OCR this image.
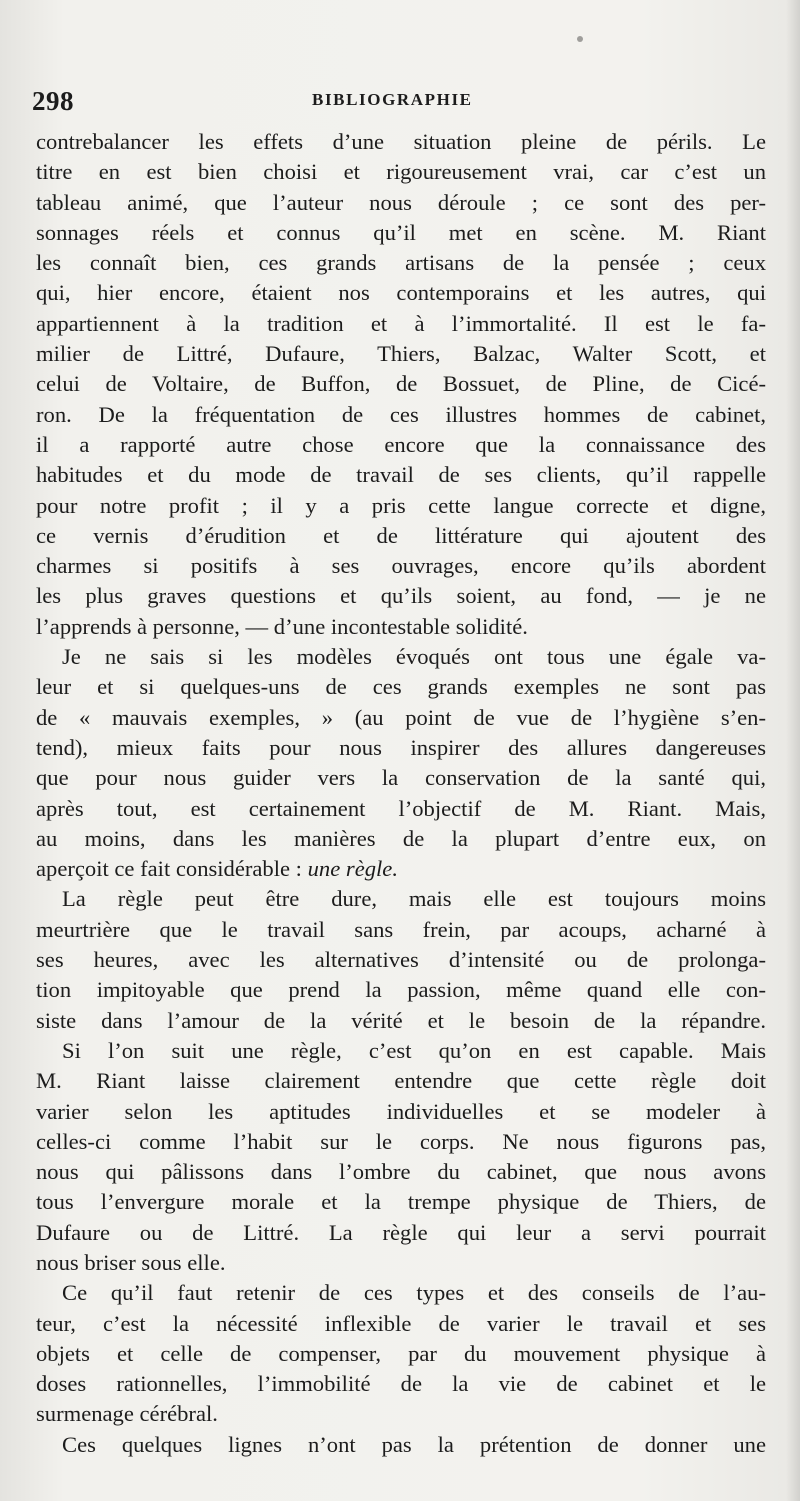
298	BIBLIOGRAPHIE
contrebalancer les effets d’une situation pleine de périls. Le
titre en est bien choisi et rigoureusement vrai, car c’est un
tableau animé, que l’auteur nous déroule ; ce sont des per-
sonnages réels et connus qu’il met en scène. M. Riant
les connaît bien, ces grands artisans de la pensée ; ceux
qui, hier encore, étaient nos contemporains et les autres, qui
appartiennent à la tradition et à l’immortalité. Il est le fa-
milier de Littré, Dufaure, Thiers, Balzac, Walter Scott, et
celui de Voltaire, de Buffon, de Bossuet, de Pline, de Cicé-
ron. De la fréquentation de ces illustres hommes de cabinet,
il a rapporté autre chose encore que la connaissance des
habitudes et du mode de travail de ses clients, qu’il rappelle
pour notre profit ; il y a pris cette langue correcte et digne,
ce vernis d’érudition et de littérature qui ajoutent des
charmes si positifs à ses ouvrages, encore qu’ils abordent
les plus graves questions et qu’ils soient, au fond, — je ne
l’apprends à personne, — d’une incontestable solidité.
Je ne sais si les modèles évoqués ont tous une égale va-
leur et si quelques-uns de ces grands exemples ne sont pas
de « mauvais exemples, » (au point de vue de l’hygiène s’en-
tend), mieux faits pour nous inspirer des allures dangereuses
que pour nous guider vers la conservation de la santé qui,
après tout, est certainement l’objectif de M. Riant. Mais,
au moins, dans les manières de la plupart d’entre eux, on
aperçoit ce fait considérable : une règle.
La règle peut être dure, mais elle est toujours moins
meurtrière que le travail sans frein, par acoups, acharné à
ses heures, avec les alternatives d’intensité ou de prolonga-
tion impitoyable que prend la passion, même quand elle con-
siste dans l’amour de la vérité et le besoin de la répandre.
Si l’on suit une règle, c’est qu’on en est capable. Mais
M. Riant laisse clairement entendre que cette règle doit
varier selon les aptitudes individuelles et se modeler à
celles-ci comme l’habit sur le corps. Ne nous figurons pas,
nous qui pâlissons dans l’ombre du cabinet, que nous avons
tous l’envergure morale et la trempe physique de Thiers, de
Dufaure ou de Littré. La règle qui leur a servi pourrait
nous briser sous elle.
Ce qu’il faut retenir de ces types et des conseils de l’au-
teur, c’est la nécessité inflexible de varier le travail et ses
objets et celle de compenser, par du mouvement physique à
doses rationnelles, l’immobilité de la vie de cabinet et le
surmenage cérébral.
Ces quelques lignes n’ont pas la prétention de donner une
